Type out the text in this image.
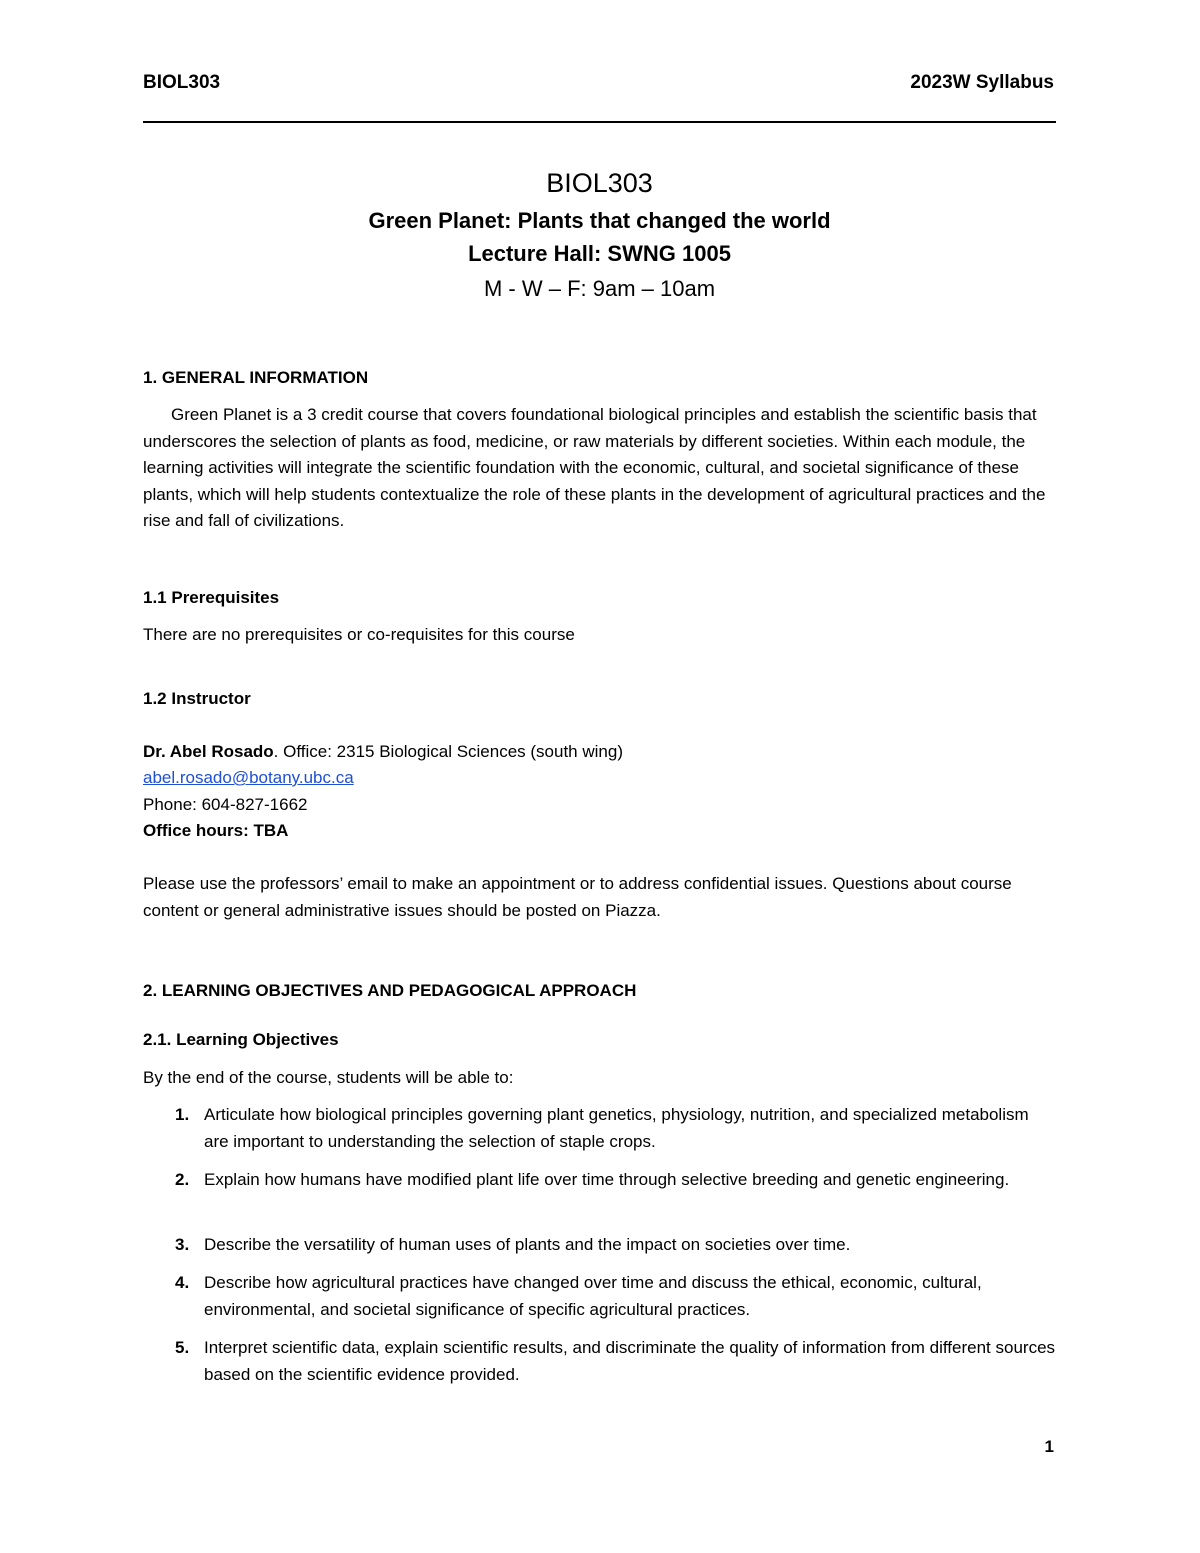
BIOL303	2023W Syllabus
BIOL303
Green Planet: Plants that changed the world
Lecture Hall: SWNG 1005
M - W – F: 9am – 10am
1. GENERAL INFORMATION
Green Planet is a 3 credit course that covers foundational biological principles and establish the scientific basis that underscores the selection of plants as food, medicine, or raw materials by different societies. Within each module, the learning activities will integrate the scientific foundation with the economic, cultural, and societal significance of these plants, which will help students contextualize the role of these plants in the development of agricultural practices and the rise and fall of civilizations.
1.1 Prerequisites
There are no prerequisites or co-requisites for this course
1.2 Instructor
Dr. Abel Rosado. Office: 2315 Biological Sciences (south wing)
abel.rosado@botany.ubc.ca
Phone: 604-827-1662
Office hours: TBA
Please use the professors’ email to make an appointment or to address confidential issues. Questions about course content or general administrative issues should be posted on Piazza.
2. LEARNING OBJECTIVES AND PEDAGOGICAL APPROACH
2.1. Learning Objectives
By the end of the course, students will be able to:
1. Articulate how biological principles governing plant genetics, physiology, nutrition, and specialized metabolism are important to understanding the selection of staple crops.
2. Explain how humans have modified plant life over time through selective breeding and genetic engineering.
3. Describe the versatility of human uses of plants and the impact on societies over time.
4. Describe how agricultural practices have changed over time and discuss the ethical, economic, cultural, environmental, and societal significance of specific agricultural practices.
5. Interpret scientific data, explain scientific results, and discriminate the quality of information from different sources based on the scientific evidence provided.
1
